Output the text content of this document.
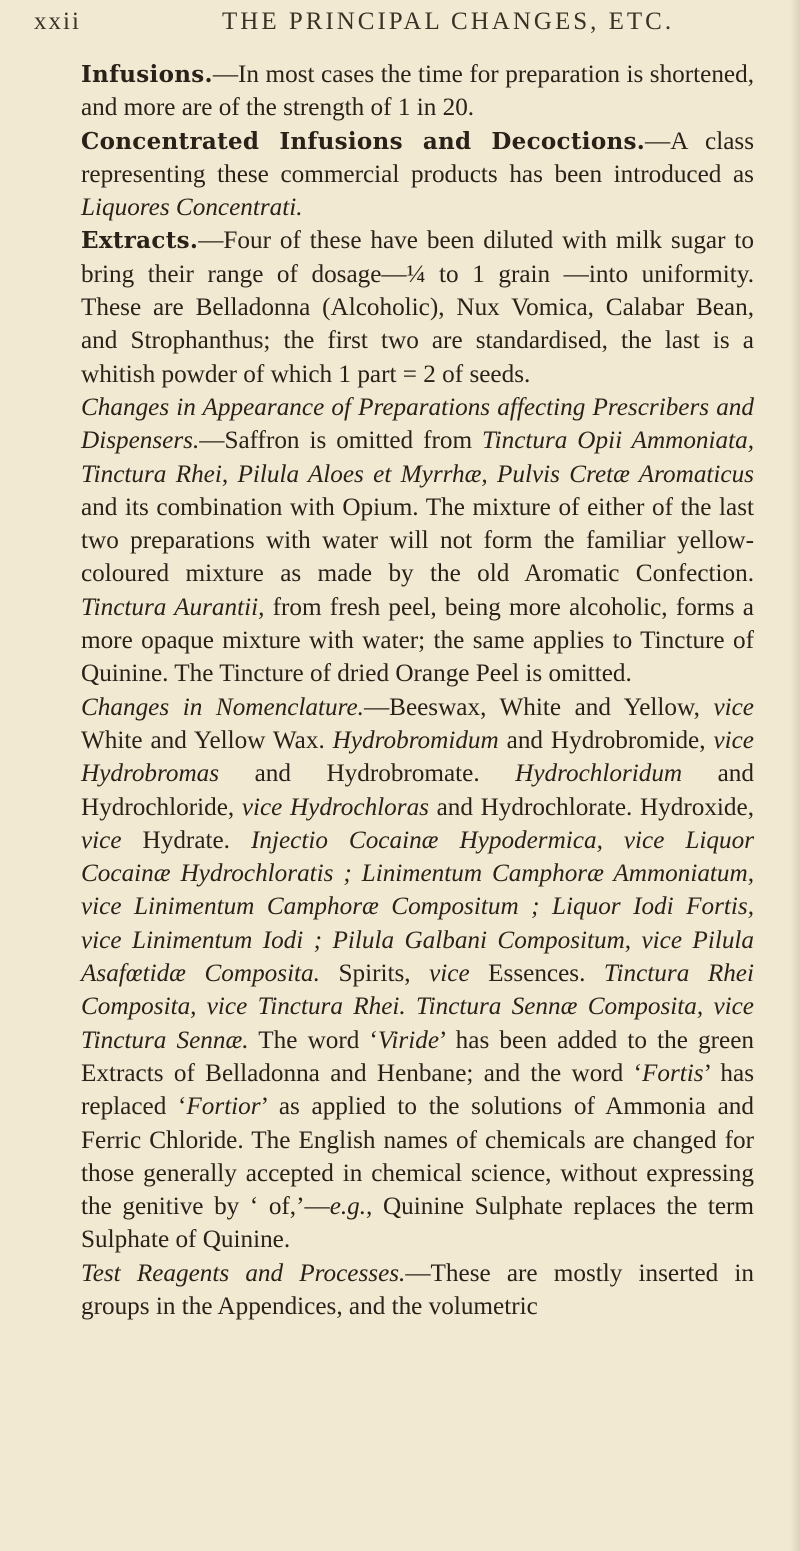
xxii	THE PRINCIPAL CHANGES, ETC.

Infusions.—In most cases the time for preparation is shortened, and more are of the strength of 1 in 20.

Concentrated Infusions and Decoctions.—A class representing these commercial products has been introduced as Liquores Concentrati.

Extracts.—Four of these have been diluted with milk sugar to bring their range of dosage—¼ to 1 grain —into uniformity. These are Belladonna (Alcoholic), Nux Vomica, Calabar Bean, and Strophanthus; the first two are standardised, the last is a whitish powder of which 1 part = 2 of seeds.

Changes in Appearance of Preparations affecting Prescribers and Dispensers.—Saffron is omitted from Tinctura Opii Ammoniata, Tinctura Rhei, Pilula Aloes et Myrrhæ, Pulvis Cretæ Aromaticus and its combination with Opium. The mixture of either of the last two preparations with water will not form the familiar yellow-coloured mixture as made by the old Aromatic Confection. Tinctura Aurantii, from fresh peel, being more alcoholic, forms a more opaque mixture with water; the same applies to Tincture of Quinine. The Tincture of dried Orange Peel is omitted.

Changes in Nomenclature.—Beeswax, White and Yellow, vice White and Yellow Wax. Hydrobromidum and Hydrobromide, vice Hydrobromas and Hydrobromate. Hydrochloridum and Hydrochloride, vice Hydrochloras and Hydrochlorate. Hydroxide, vice Hydrate. Injectio Cocainæ Hypodermica, vice Liquor Cocainæ Hydrochloratis ; Linimentum Camphoræ Ammoniatum, vice Linimentum Camphoræ Compositum ; Liquor Iodi Fortis, vice Linimentum Iodi ; Pilula Galbani Compositum, vice Pilula Asafœtidæ Composita. Spirits, vice Essences. Tinctura Rhei Composita, vice Tinctura Rhei. Tinctura Sennæ Composita, vice Tinctura Sennæ. The word ‘Viride’ has been added to the green Extracts of Belladonna and Henbane; and the word ‘Fortis’ has replaced ‘Fortior’ as applied to the solutions of Ammonia and Ferric Chloride. The English names of chemicals are changed for those generally accepted in chemical science, without expressing the genitive by ‘ of,’—e.g., Quinine Sulphate replaces the term Sulphate of Quinine.

Test Reagents and Processes.—These are mostly inserted in groups in the Appendices, and the volumetric
